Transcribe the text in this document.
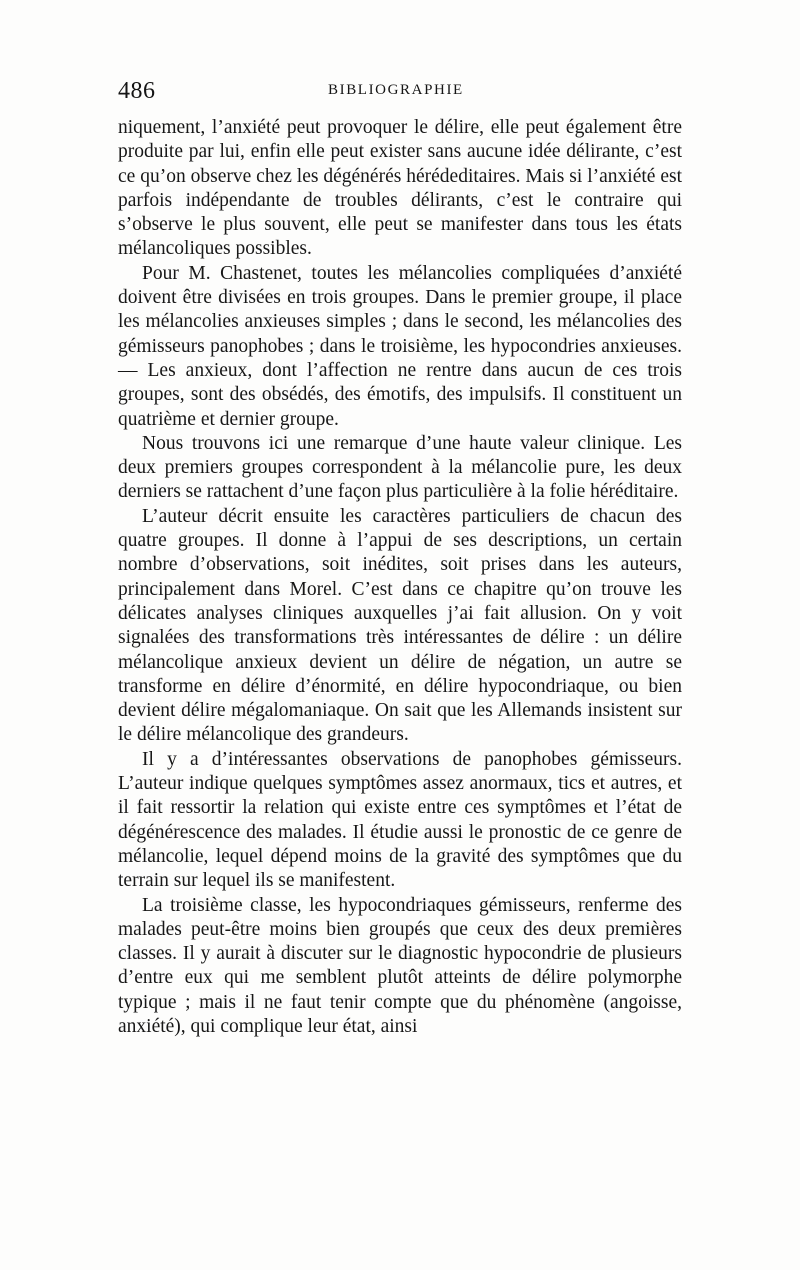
486	BIBLIOGRAPHIE

niquement, l’anxiété peut provoquer le délire, elle peut également être produite par lui, enfin elle peut exister sans aucune idée délirante, c’est ce qu’on observe chez les dégénérés hérédeditaires. Mais si l’anxiété est parfois indépendante de troubles délirants, c’est le contraire qui s’observe le plus souvent, elle peut se manifester dans tous les états mélancoliques possibles.

Pour M. Chastenet, toutes les mélancolies compliquées d’anxiété doivent être divisées en trois groupes. Dans le premier groupe, il place les mélancolies anxieuses simples ; dans le second, les mélancolies des gémisseurs panophobes ; dans le troisième, les hypocondries anxieuses. — Les anxieux, dont l’affection ne rentre dans aucun de ces trois groupes, sont des obsédés, des émotifs, des impulsifs. Il constituent un quatrième et dernier groupe.

Nous trouvons ici une remarque d’une haute valeur clinique. Les deux premiers groupes correspondent à la mélancolie pure, les deux derniers se rattachent d’une façon plus particulière à la folie héréditaire.

L’auteur décrit ensuite les caractères particuliers de chacun des quatre groupes. Il donne à l’appui de ses descriptions, un certain nombre d’observations, soit inédites, soit prises dans les auteurs, principalement dans Morel. C’est dans ce chapitre qu’on trouve les délicates analyses cliniques auxquelles j’ai fait allusion. On y voit signalées des transformations très intéressantes de délire : un délire mélancolique anxieux devient un délire de négation, un autre se transforme en délire d’énormité, en délire hypocondriaque, ou bien devient délire mégalomaniaque. On sait que les Allemands insistent sur le délire mélancolique des grandeurs.

Il y a d’intéressantes observations de panophobes gémisseurs. L’auteur indique quelques symptômes assez anormaux, tics et autres, et il fait ressortir la relation qui existe entre ces symptômes et l’état de dégénérescence des malades. Il étudie aussi le pronostic de ce genre de mélancolie, lequel dépend moins de la gravité des symptômes que du terrain sur lequel ils se manifestent.

La troisième classe, les hypocondriaques gémisseurs, renferme des malades peut-être moins bien groupés que ceux des deux premières classes. Il y aurait à discuter sur le diagnostic hypocondrie de plusieurs d’entre eux qui me semblent plutôt atteints de délire polymorphe typique ; mais il ne faut tenir compte que du phénomène (angoisse, anxiété), qui complique leur état, ainsi
